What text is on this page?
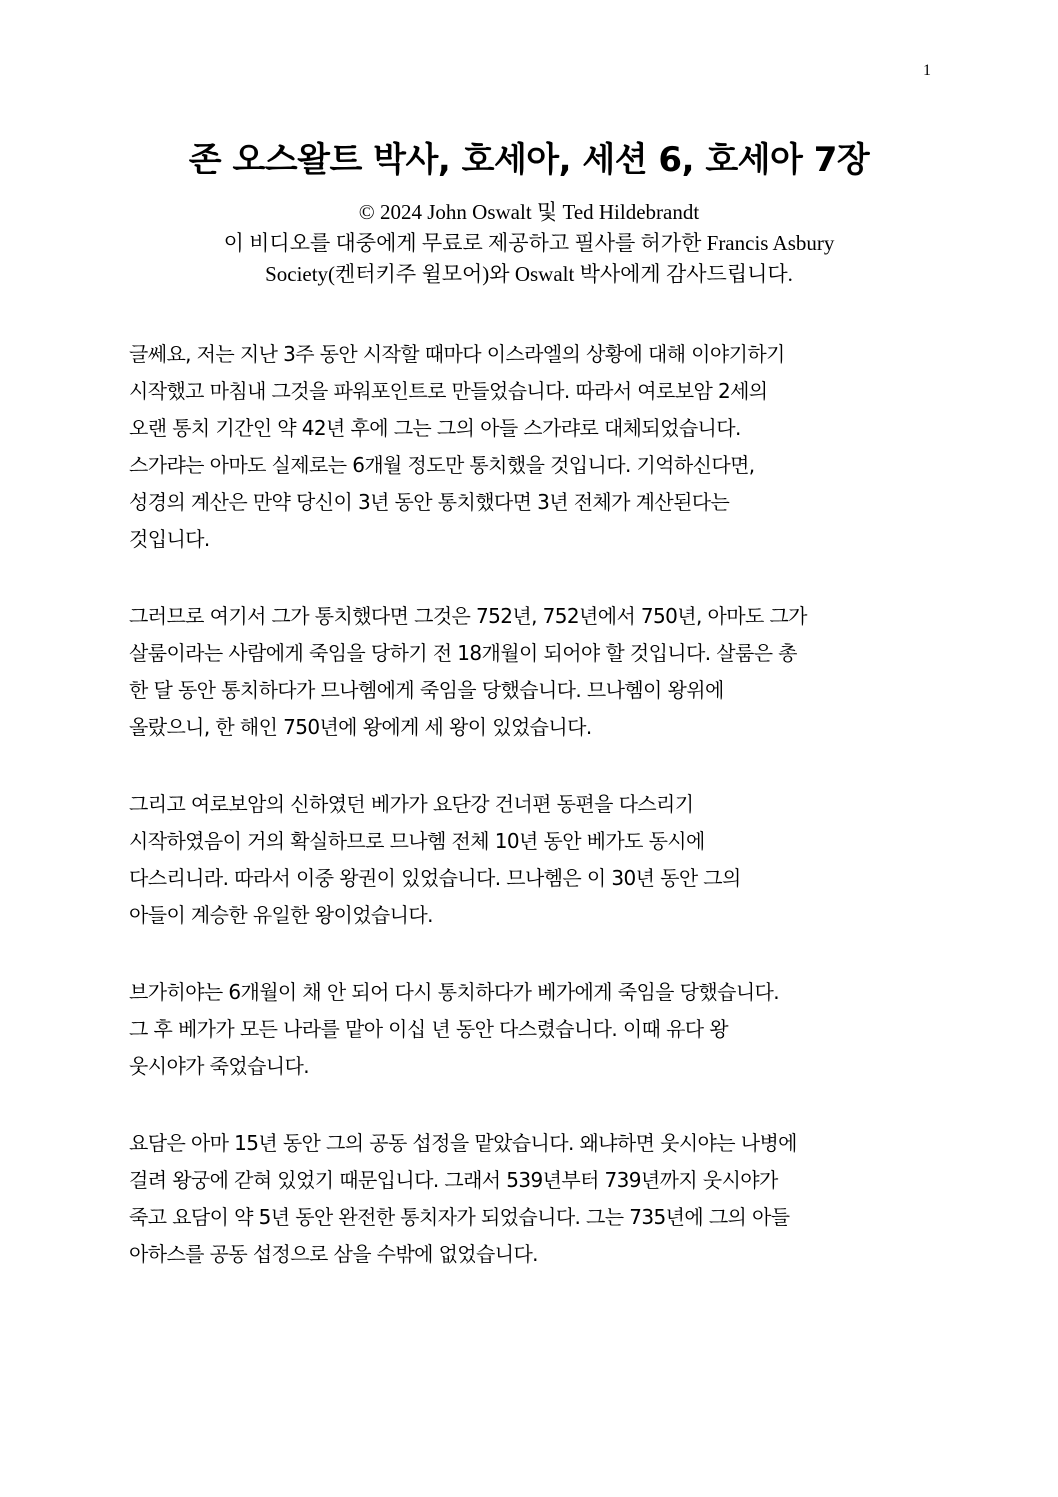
1
존 오스왈트 박사, 호세아, 세션 6, 호세아 7장
© 2024 John Oswalt 및 Ted Hildebrandt
이 비디오를 대중에게 무료로 제공하고 필사를 허가한 Francis Asbury
Society(켄터키주 윌모어)와 Oswalt 박사에게 감사드립니다.
글쎄요, 저는 지난 3주 동안 시작할 때마다 이스라엘의 상황에 대해 이야기하기
시작했고 마침내 그것을 파워포인트로 만들었습니다. 따라서 여로보암 2세의
오랜 통치 기간인 약 42년 후에 그는 그의 아들 스가랴로 대체되었습니다.
스가랴는 아마도 실제로는 6개월 정도만 통치했을 것입니다. 기억하신다면,
성경의 계산은 만약 당신이 3년 동안 통치했다면 3년 전체가 계산된다는
것입니다.
그러므로 여기서 그가 통치했다면 그것은 752년, 752년에서 750년, 아마도 그가
살룸이라는 사람에게 죽임을 당하기 전 18개월이 되어야 할 것입니다. 살룸은 총
한 달 동안 통치하다가 므나헴에게 죽임을 당했습니다. 므나헴이 왕위에
올랐으니, 한 해인 750년에 왕에게 세 왕이 있었습니다.
그리고 여로보암의 신하였던 베가가 요단강 건너편 동편을 다스리기
시작하였음이 거의 확실하므로 므나헴 전체 10년 동안 베가도 동시에
다스리니라. 따라서 이중 왕권이 있었습니다. 므나헴은 이 30년 동안 그의
아들이 계승한 유일한 왕이었습니다.
브가히야는 6개월이 채 안 되어 다시 통치하다가 베가에게 죽임을 당했습니다.
그 후 베가가 모든 나라를 맡아 이십 년 동안 다스렸습니다. 이때 유다 왕
웃시야가 죽었습니다.
요담은 아마 15년 동안 그의 공동 섭정을 맡았습니다. 왜냐하면 웃시야는 나병에
걸려 왕궁에 갇혀 있었기 때문입니다. 그래서 539년부터 739년까지 웃시야가
죽고 요담이 약 5년 동안 완전한 통치자가 되었습니다. 그는 735년에 그의 아들
아하스를 공동 섭정으로 삼을 수밖에 없었습니다.
